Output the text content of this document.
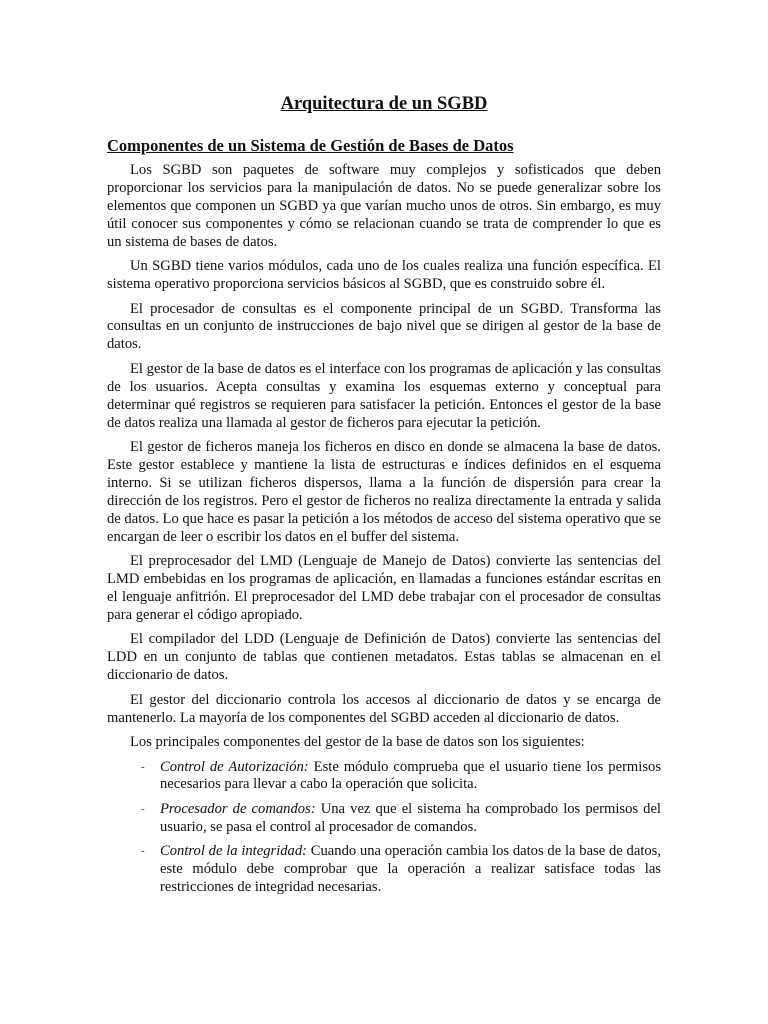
Arquitectura de un SGBD
Componentes de un Sistema de Gestión de Bases de Datos

Los SGBD son paquetes de software muy complejos y sofisticados que deben proporcionar los servicios para la manipulación de datos. No se puede generalizar sobre los elementos que componen un SGBD ya que varían mucho unos de otros. Sin embargo, es muy útil conocer sus componentes y cómo se relacionan cuando se trata de comprender lo que es un sistema de bases de datos.

Un SGBD tiene varios módulos, cada uno de los cuales realiza una función específica. El sistema operativo proporciona servicios básicos al SGBD, que es construido sobre él.

El procesador de consultas es el componente principal de un SGBD. Transforma las consultas en un conjunto de instrucciones de bajo nivel que se dirigen al gestor de la base de datos.

El gestor de la base de datos es el interface con los programas de aplicación y las consultas de los usuarios. Acepta consultas y examina los esquemas externo y conceptual para determinar qué registros se requieren para satisfacer la petición. Entonces el gestor de la base de datos realiza una llamada al gestor de ficheros para ejecutar la petición.

El gestor de ficheros maneja los ficheros en disco en donde se almacena la base de datos. Este gestor establece y mantiene la lista de estructuras e índices definidos en el esquema interno. Si se utilizan ficheros dispersos, llama a la función de dispersión para crear la dirección de los registros. Pero el gestor de ficheros no realiza directamente la entrada y salida de datos. Lo que hace es pasar la petición a los métodos de acceso del sistema operativo que se encargan de leer o escribir los datos en el buffer del sistema.

El preprocesador del LMD (Lenguaje de Manejo de Datos) convierte las sentencias del LMD embebidas en los programas de aplicación, en llamadas a funciones estándar escritas en el lenguaje anfitrión. El preprocesador del LMD debe trabajar con el procesador de consultas para generar el código apropiado.

El compilador del LDD (Lenguaje de Definición de Datos) convierte las sentencias del LDD en un conjunto de tablas que contienen metadatos. Estas tablas se almacenan en el diccionario de datos.

El gestor del diccionario controla los accesos al diccionario de datos y se encarga de mantenerlo. La mayoría de los componentes del SGBD acceden al diccionario de datos.

Los principales componentes del gestor de la base de datos son los siguientes:

- Control de Autorización: Este módulo comprueba que el usuario tiene los permisos necesarios para llevar a cabo la operación que solicita.
- Procesador de comandos: Una vez que el sistema ha comprobado los permisos del usuario, se pasa el control al procesador de comandos.
- Control de la integridad: Cuando una operación cambia los datos de la base de datos, este módulo debe comprobar que la operación a realizar satisface todas las restricciones de integridad necesarias.
